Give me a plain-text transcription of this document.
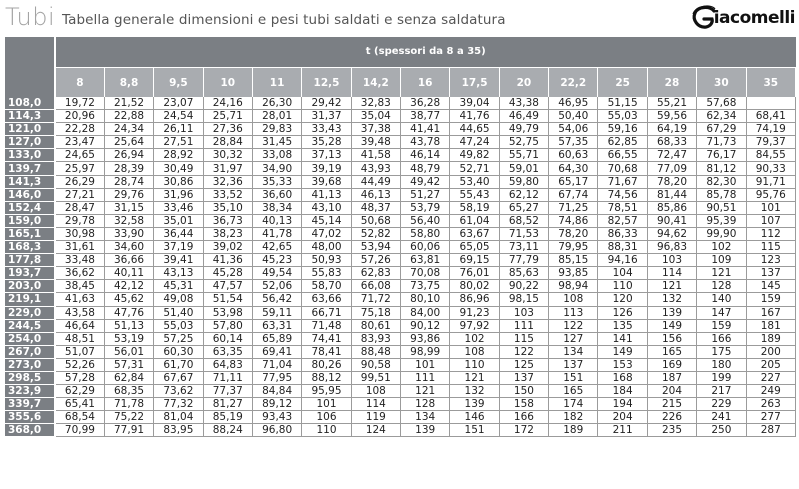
Tubi Tabella generale dimensioni e pesi tubi saldati e senza saldatura	iacomelli
	t (spessori da 8 a 35)														
	8	8,8	9,5	10	11	12,5	14,2	16	17,5	20	22,2	25	28	30	35
108,0	19,72	21,52	23,07	24,16	26,30	29,42	32,83	36,28	39,04	43,38	46,95	51,15	55,21	57,68	
114,3	20,96	22,88	24,54	25,71	28,01	31,37	35,04	38,77	41,76	46,49	50,40	55,03	59,56	62,34	68,41
121,0	22,28	24,34	26,11	27,36	29,83	33,43	37,38	41,41	44,65	49,79	54,06	59,16	64,19	67,29	74,19
127,0	23,47	25,64	27,51	28,84	31,45	35,28	39,48	43,78	47,24	52,75	57,35	62,85	68,33	71,73	79,37
133,0	24,65	26,94	28,92	30,32	33,08	37,13	41,58	46,14	49,82	55,71	60,63	66,55	72,47	76,17	84,55
139,7	25,97	28,39	30,49	31,97	34,90	39,19	43,93	48,79	52,71	59,01	64,30	70,68	77,09	81,12	90,33
141,3	26,29	28,74	30,86	32,36	35,33	39,68	44,49	49,42	53,40	59,80	65,17	71,67	78,20	82,30	91,71
146,0	27,21	29,76	31,96	33,52	36,60	41,13	46,13	51,27	55,43	62,12	67,74	74,56	81,44	85,78	95,76
152,4	28,47	31,15	33,46	35,10	38,34	43,10	48,37	53,79	58,19	65,27	71,25	78,51	85,86	90,51	101
159,0	29,78	32,58	35,01	36,73	40,13	45,14	50,68	56,40	61,04	68,52	74,86	82,57	90,41	95,39	107
165,1	30,98	33,90	36,44	38,23	41,78	47,02	52,82	58,80	63,67	71,53	78,20	86,33	94,62	99,90	112
168,3	31,61	34,60	37,19	39,02	42,65	48,00	53,94	60,06	65,05	73,11	79,95	88,31	96,83	102	115
177,8	33,48	36,66	39,41	41,36	45,23	50,93	57,26	63,81	69,15	77,79	85,15	94,16	103	109	123
193,7	36,62	40,11	43,13	45,28	49,54	55,83	62,83	70,08	76,01	85,63	93,85	104	114	121	137
203,0	38,45	42,12	45,31	47,57	52,06	58,70	66,08	73,75	80,02	90,22	98,94	110	121	128	145
219,1	41,63	45,62	49,08	51,54	56,42	63,66	71,72	80,10	86,96	98,15	108	120	132	140	159
229,0	43,58	47,76	51,40	53,98	59,11	66,71	75,18	84,00	91,23	103	113	126	139	147	167
244,5	46,64	51,13	55,03	57,80	63,31	71,48	80,61	90,12	97,92	111	122	135	149	159	181
254,0	48,51	53,19	57,25	60,14	65,89	74,41	83,93	93,86	102	115	127	141	156	166	189
267,0	51,07	56,01	60,30	63,35	69,41	78,41	88,48	98,99	108	122	134	149	165	175	200
273,0	52,26	57,31	61,70	64,83	71,04	80,26	90,58	101	110	125	137	153	169	180	205
298,5	57,28	62,84	67,67	71,11	77,95	88,12	99,51	111	121	137	151	168	187	199	227
323,9	62,29	68,35	73,62	77,37	84,84	95,95	108	121	132	150	165	184	204	217	249
339,7	65,41	71,78	77,32	81,27	89,12	101	114	128	139	158	174	194	215	229	263
355,6	68,54	75,22	81,04	85,19	93,43	106	119	134	146	166	182	204	226	241	277
368,0	70,99	77,91	83,95	88,24	96,80	110	124	139	151	172	189	211	235	250	287
